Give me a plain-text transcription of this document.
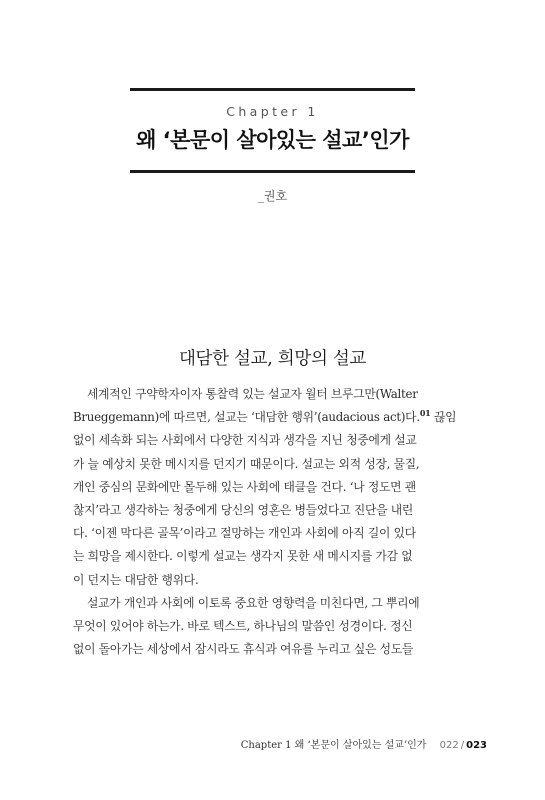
Chapter 1
왜 ‘본문이 살아있는 설교’인가
_권호
대담한 설교, 희망의 설교
세계적인 구약학자이자 통찰력 있는 설교자 월터 브루그만(Walter
Brueggemann)에 따르면, 설교는 ‘대담한 행위’(audacious act)다.$^{01}$ 끊임
없이 세속화 되는 사회에서 다양한 지식과 생각을 지닌 청중에게 설교
가 늘 예상치 못한 메시지를 던지기 때문이다. 설교는 외적 성장, 물질,
개인 중심의 문화에만 몰두해 있는 사회에 태클을 건다. ‘나 정도면 괜
찮지’라고 생각하는 청중에게 당신의 영혼은 병들었다고 진단을 내린
다. ‘이젠 막다른 골목’이라고 절망하는 개인과 사회에 아직 길이 있다
는 희망을 제시한다. 이렇게 설교는 생각지 못한 새 메시지를 가감 없
이 던지는 대담한 행위다.
설교가 개인과 사회에 이토록 중요한 영향력을 미친다면, 그 뿌리에
무엇이 있어야 하는가. 바로 텍스트, 하나님의 말씀인 성경이다. 정신
없이 돌아가는 세상에서 잠시라도 휴식과 여유를 누리고 싶은 성도들
Chapter 1 왜 ‘본문이 살아있는 설교’인가 022 / 023
